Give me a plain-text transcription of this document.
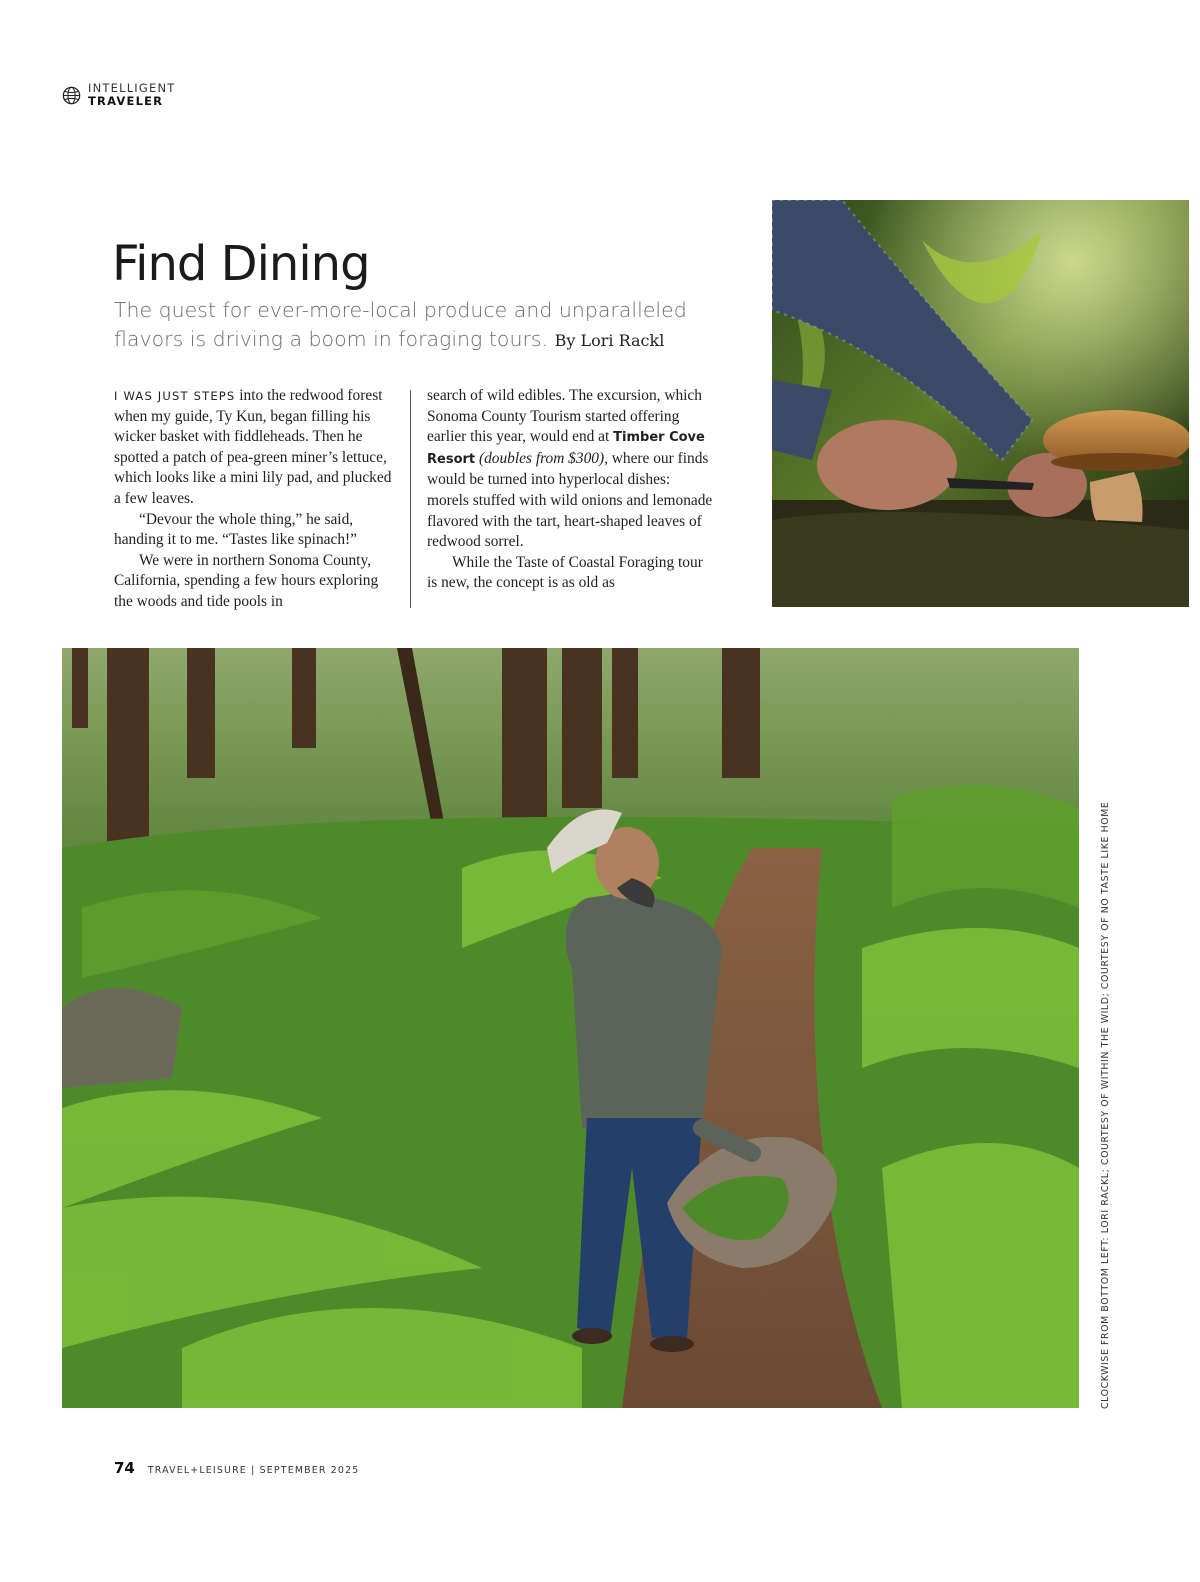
INTELLIGENT
TRAVELER
Find Dining

The quest for ever-more-local produce and unparalleled flavors is driving a boom in foraging tours. By Lori Rackl

I WAS JUST STEPS into the redwood forest when my guide, Ty Kun, began filling his wicker basket with fiddleheads. Then he spotted a patch of pea-green miner’s lettuce, which looks like a mini lily pad, and plucked a few leaves.

“Devour the whole thing,” he said, handing it to me. “Tastes like spinach!”

We were in northern Sonoma County, California, spending a few hours exploring the woods and tide pools in

search of wild edibles. The excursion, which Sonoma County Tourism started offering earlier this year, would end at Timber Cove Resort (doubles from $300), where our finds would be turned into hyperlocal dishes: morels stuffed with wild onions and lemonade flavored with the tart, heart-shaped leaves of redwood sorrel.

While the Taste of Coastal Foraging tour is new, the concept is as old as

CLOCKWISE FROM BOTTOM LEFT: LORI RACKL; COURTESY OF WITHIN THE WILD; COURTESY OF NO TASTE LIKE HOME
74 TRAVEL+LEISURE | SEPTEMBER 2025
